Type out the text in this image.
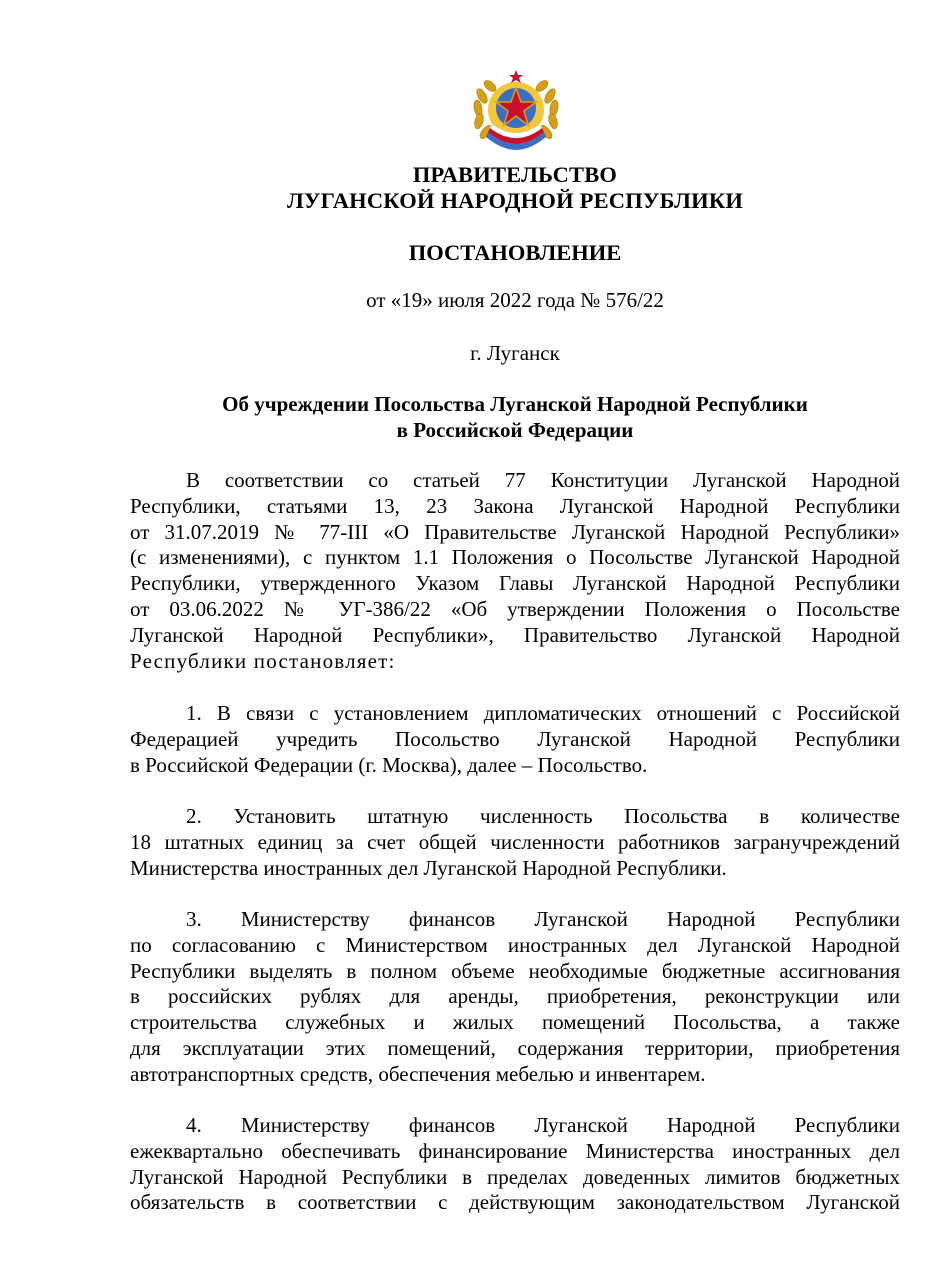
ПРАВИТЕЛЬСТВО
ЛУГАНСКОЙ НАРОДНОЙ РЕСПУБЛИКИ
ПОСТАНОВЛЕНИЕ
от «19» июля 2022 года № 576/22
г. Луганск
Об учреждении Посольства Луганской Народной Республики
в Российской Федерации
В соответствии со статьей 77 Конституции Луганской Народной
Республики, статьями 13, 23 Закона Луганской Народной Республики
от 31.07.2019 № 77-III «О Правительстве Луганской Народной Республики»
(с изменениями), с пунктом 1.1 Положения о Посольстве Луганской Народной
Республики, утвержденного Указом Главы Луганской Народной Республики
от 03.06.2022 № УГ-386/22 «Об утверждении Положения о Посольстве
Луганской Народной Республики», Правительство Луганской Народной
Республики постановляет:
1. В связи с установлением дипломатических отношений с Российской
Федерацией учредить Посольство Луганской Народной Республики
в Российской Федерации (г. Москва), далее – Посольство.
2. Установить штатную численность Посольства в количестве
18 штатных единиц за счет общей численности работников загранучреждений
Министерства иностранных дел Луганской Народной Республики.
3. Министерству финансов Луганской Народной Республики
по согласованию с Министерством иностранных дел Луганской Народной
Республики выделять в полном объеме необходимые бюджетные ассигнования
в российских рублях для аренды, приобретения, реконструкции или
строительства служебных и жилых помещений Посольства, а также
для эксплуатации этих помещений, содержания территории, приобретения
автотранспортных средств, обеспечения мебелью и инвентарем.
4. Министерству финансов Луганской Народной Республики
ежеквартально обеспечивать финансирование Министерства иностранных дел
Луганской Народной Республики в пределах доведенных лимитов бюджетных
обязательств в соответствии с действующим законодательством Луганской
